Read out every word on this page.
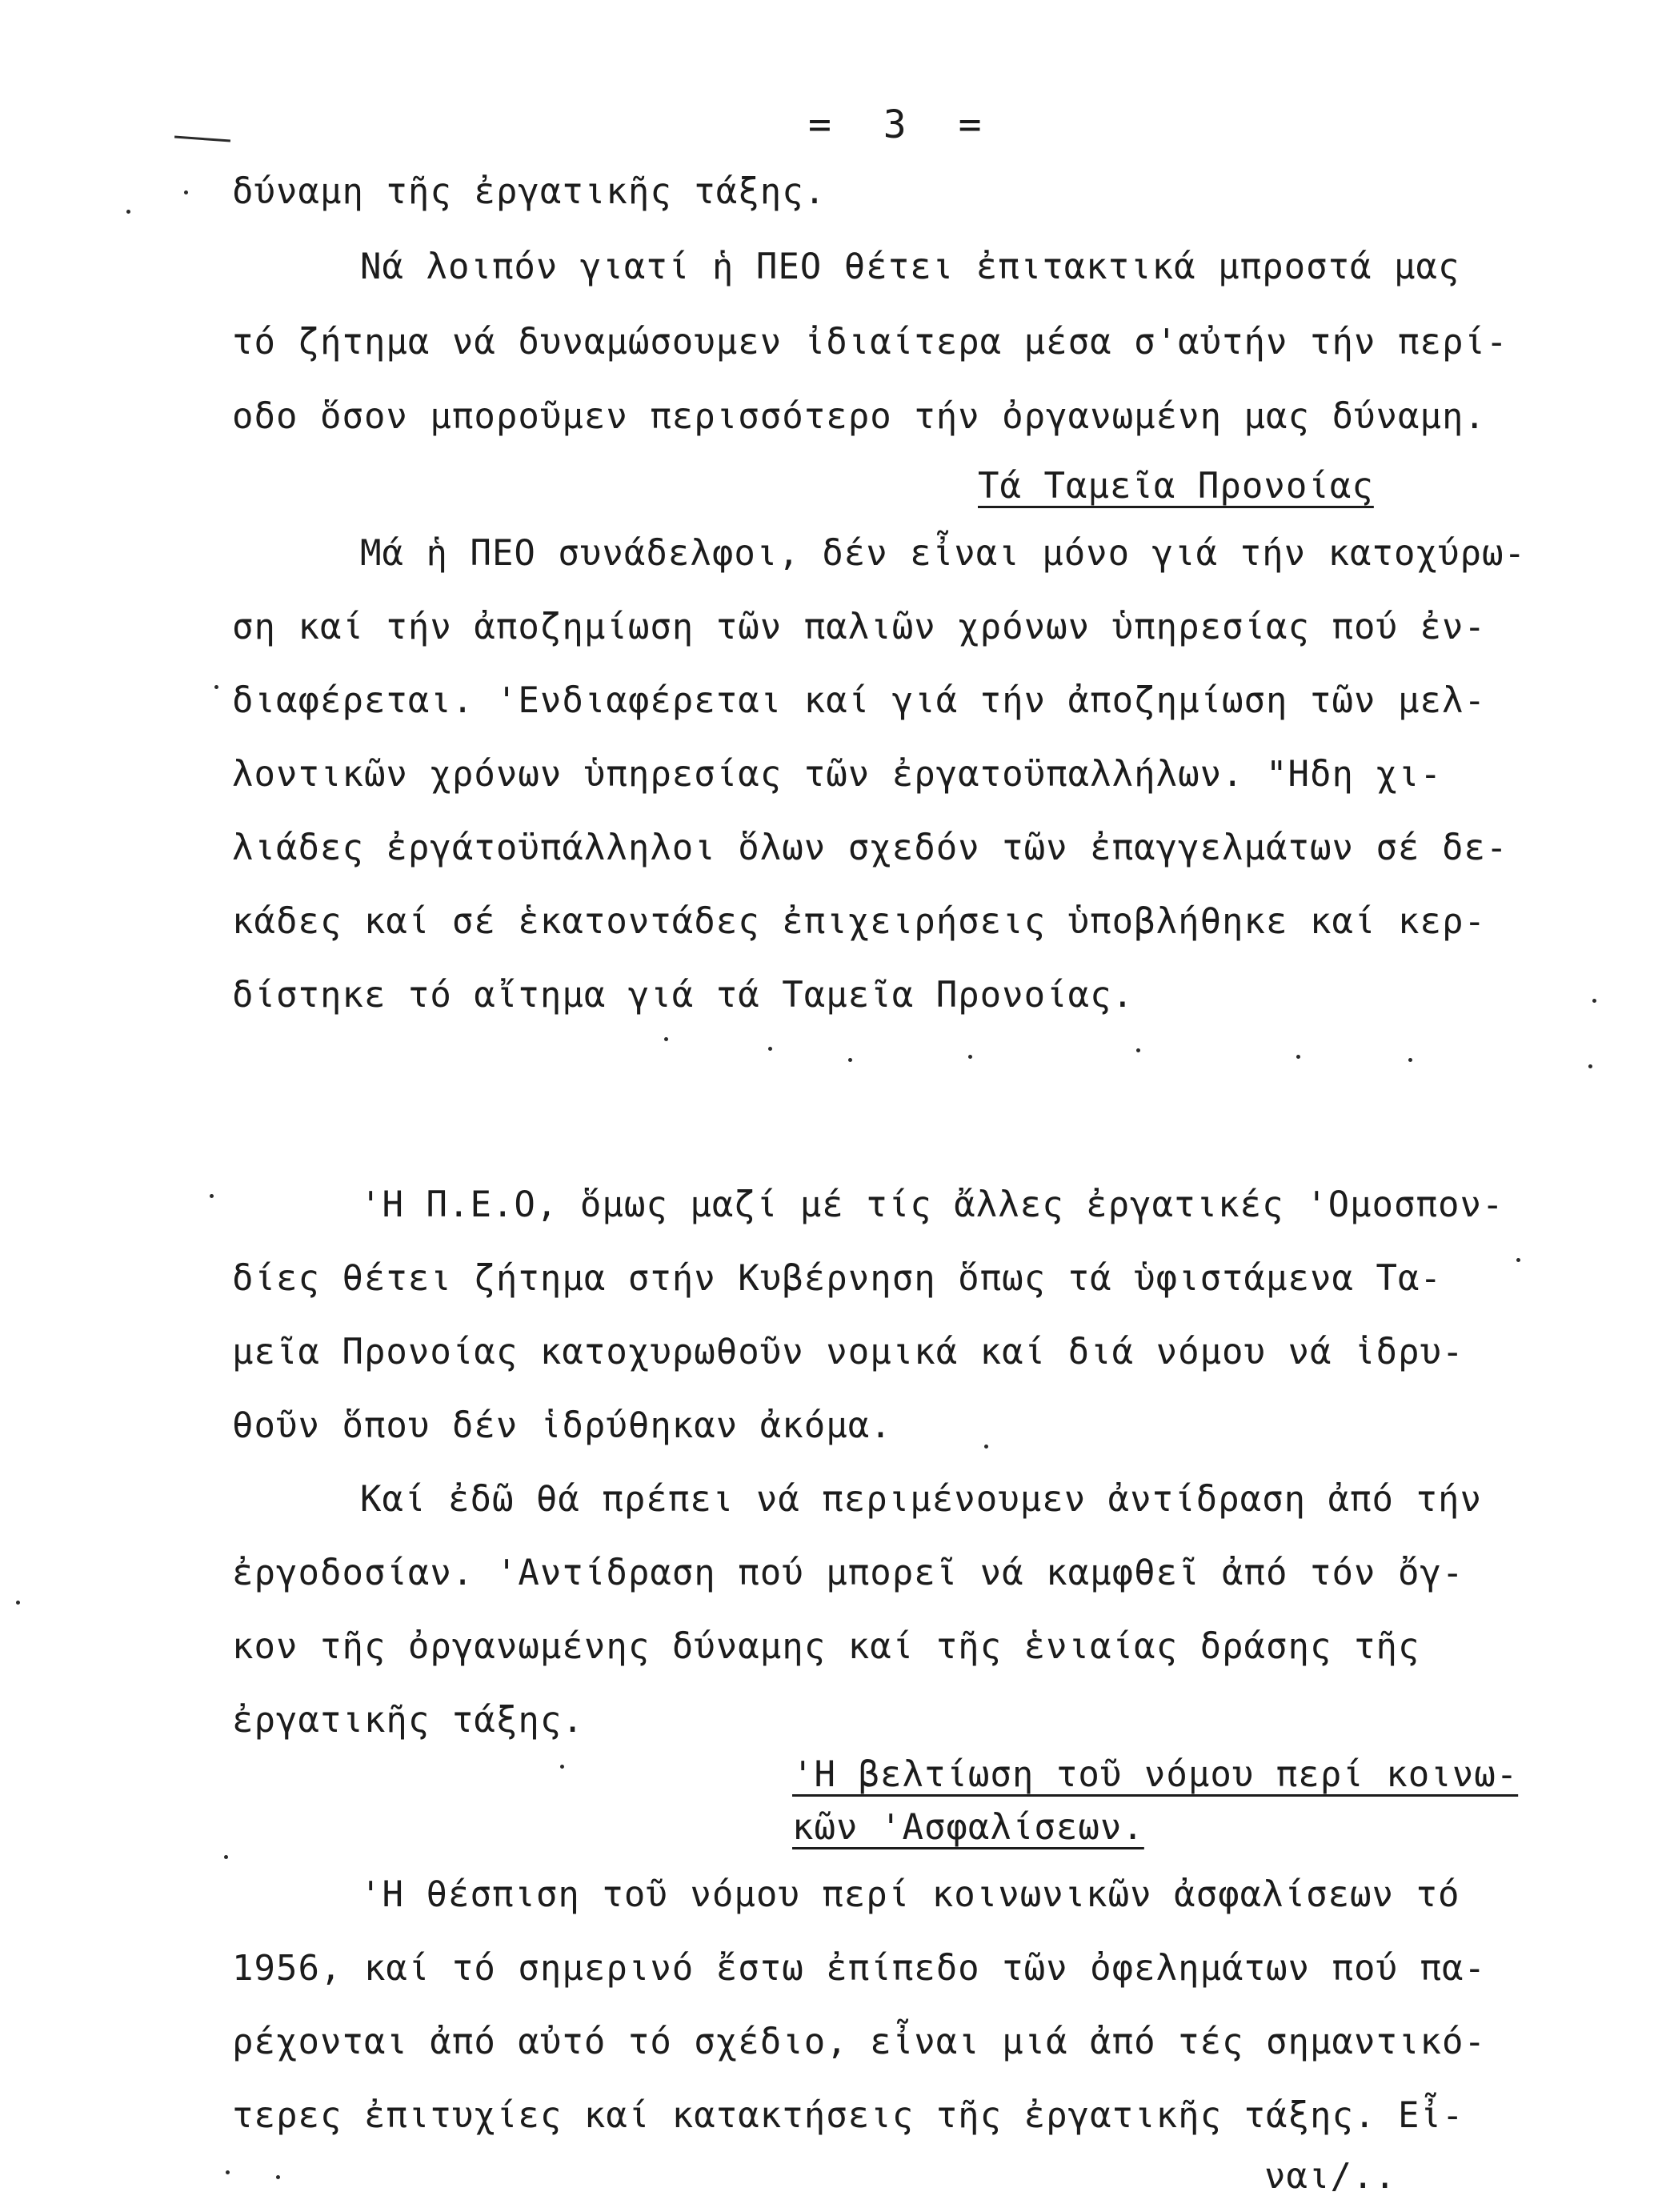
= 3 =
δύναμη τῆς ἐργατικῆς τάξης.
Νά λοιπόν γιατί ἡ ΠΕΟ θέτει ἐπιτακτικά μπροστά μας
τό ζήτημα νά δυναμώσουμεν ἰδιαίτερα μέσα σ'αὐτήν τήν περί-
οδο ὅσον μποροῦμεν περισσότερο τήν ὀργανωμένη μας δύναμη.
Τά Ταμεῖα Προνοίας
Μά ἡ ΠΕΟ συνάδελφοι, δέν εἶναι μόνο γιά τήν κατοχύρω-
ση καί τήν ἀποζημίωση τῶν παλιῶν χρόνων ὑπηρεσίας πού ἐν-
διαφέρεται. 'Ενδιαφέρεται καί γιά τήν ἀποζημίωση τῶν μελ-
λοντικῶν χρόνων ὑπηρεσίας τῶν ἐργατοϋπαλλήλων. "Ηδη χι-
λιάδες ἐργάτοϋπάλληλοι ὅλων σχεδόν τῶν ἐπαγγελμάτων σέ δε-
κάδες καί σέ ἑκατοντάδες ἐπιχειρήσεις ὑποβλήθηκε καί κερ-
δίστηκε τό αἴτημα γιά τά Ταμεῖα Προνοίας.
'Η Π.Ε.Ο, ὅμως μαζί μέ τίς ἄλλες ἐργατικές 'Ομοσπον-
δίες θέτει ζήτημα στήν Κυβέρνηση ὅπως τά ὑφιστάμενα Τα-
μεῖα Προνοίας κατοχυρωθοῦν νομικά καί διά νόμου νά ἱδρυ-
θοῦν ὅπου δέν ἱδρύθηκαν ἀκόμα.
Καί ἐδῶ θά πρέπει νά περιμένουμεν ἀντίδραση ἀπό τήν
ἐργοδοσίαν. 'Αντίδραση πού μπορεῖ νά καμφθεῖ ἀπό τόν ὄγ-
κον τῆς ὀργανωμένης δύναμης καί τῆς ἑνιαίας δράσης τῆς
ἐργατικῆς τάξης.
'Η βελτίωση τοῦ νόμου περί κοινω-
κῶν 'Ασφαλίσεων.
'Η θέσπιση τοῦ νόμου περί κοινωνικῶν ἀσφαλίσεων τό
1956, καί τό σημερινό ἔστω ἐπίπεδο τῶν ὀφελημάτων πού πα-
ρέχονται ἀπό αὐτό τό σχέδιο, εἶναι μιά ἀπό τές σημαντικό-
τερες ἐπιτυχίες καί κατακτήσεις τῆς ἐργατικῆς τάξης. Εἶ-
ναι/..
